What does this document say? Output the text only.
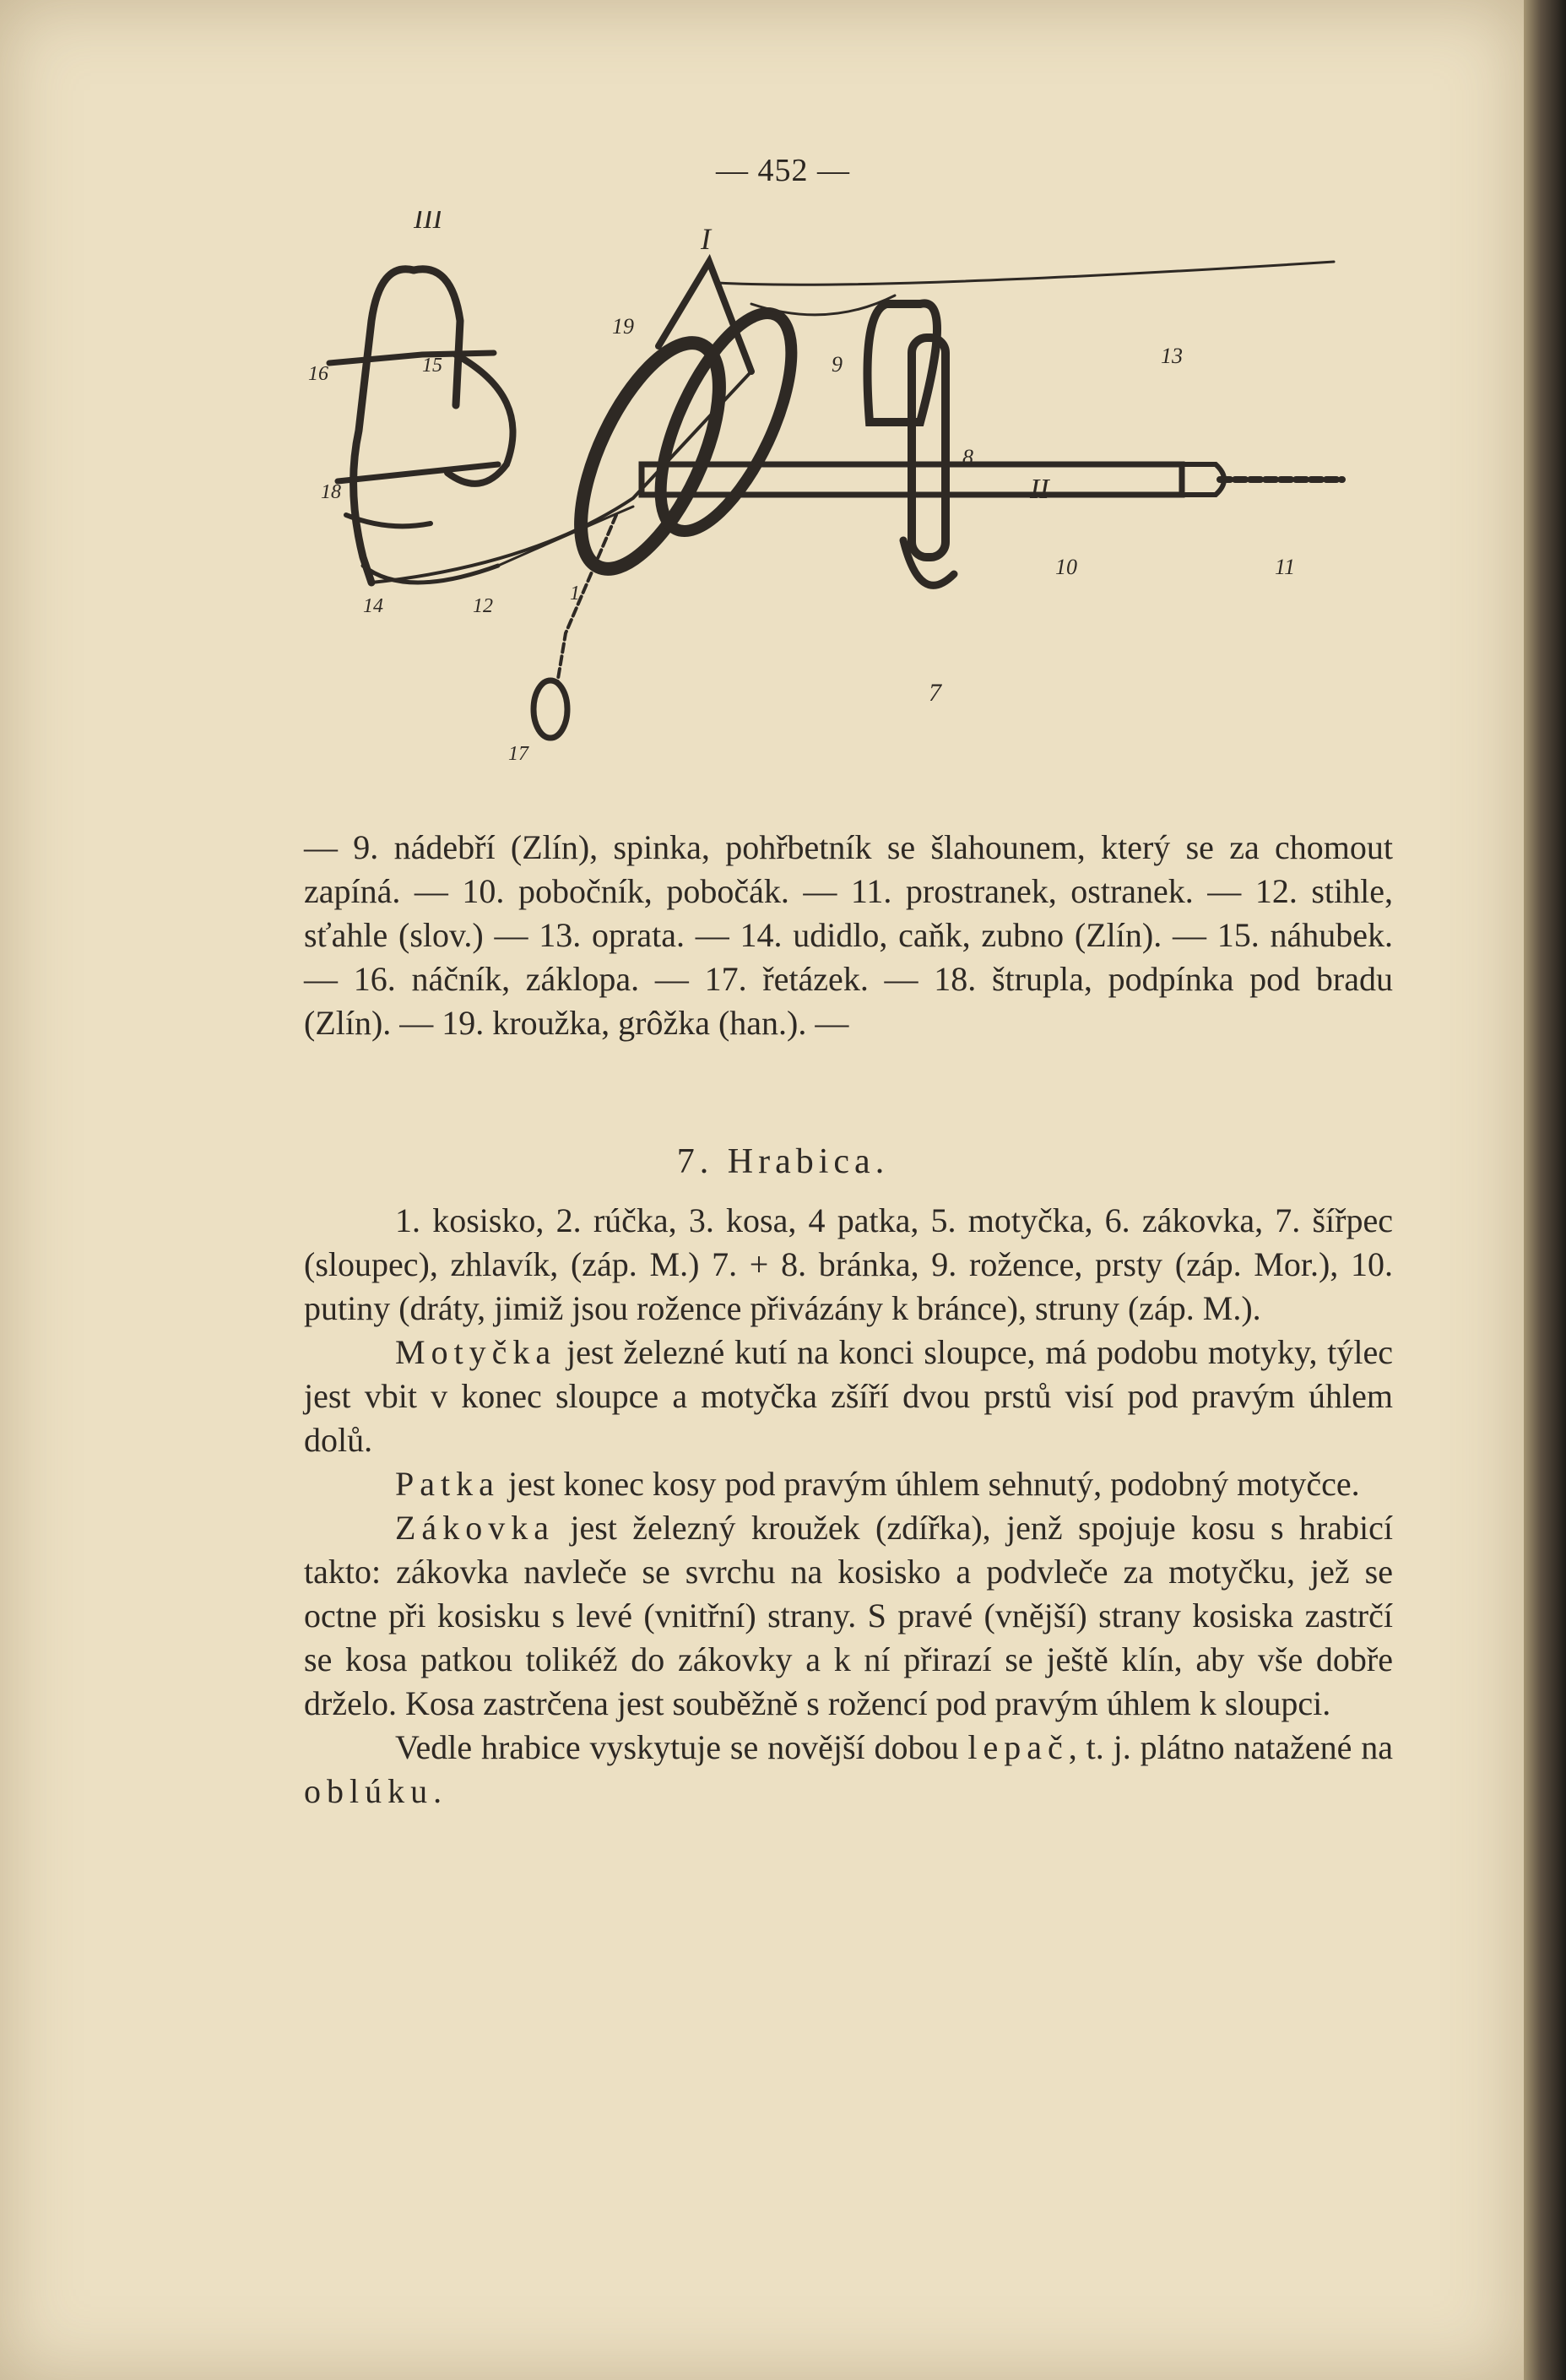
— 452 —
III
I
II
19
9	13
8
10	11
7
16	15
18
12
14
17
1

— 9. nádebří (Zlín), spinka, pohřbetník se šlahounem, který se za chomout zapíná. — 10. pobočník, pobočák. — 11. prostranek, ostranek. — 12. stihle, sťahle (slov.) — 13. oprata. — 14. udidlo, caňk, zubno (Zlín). — 15. náhubek. — 16. náčník, záklopa. — 17. řetázek. — 18. štrupla, podpínka pod bradu (Zlín). — 19. kroužka, grôžka (han.). —

7. Hrabica.

1. kosisko, 2. rúčka, 3. kosa, 4 patka, 5. motyčka, 6. zákovka, 7. šířpec (sloupec), zhlavík, (záp. M.) 7. + 8. bránka, 9. rožence, prsty (záp. Mor.), 10. putiny (dráty, jimiž jsou rožence přivázány k bránce), struny (záp. M.).

Motyčka jest železné kutí na konci sloupce, má podobu motyky, týlec jest vbit v konec sloupce a motyčka zšíří dvou prstů visí pod pravým úhlem dolů.

Patka jest konec kosy pod pravým úhlem sehnutý, podobný motyčce.

Zákovka jest železný kroužek (zdířka), jenž spojuje kosu s hrabicí takto: zákovka navleče se svrchu na kosisko a podvleče za motyčku, jež se octne při kosisku s levé (vnitřní) strany. S pravé (vnější) strany kosiska zastrčí se kosa patkou tolikéž do zákovky a k ní přirazí se ještě klín, aby vše dobře drželo. Kosa zastrčena jest souběžně s rožencí pod pravým úhlem k sloupci.

Vedle hrabice vyskytuje se novější dobou lepač, t. j. plátno natažené na oblúku.
